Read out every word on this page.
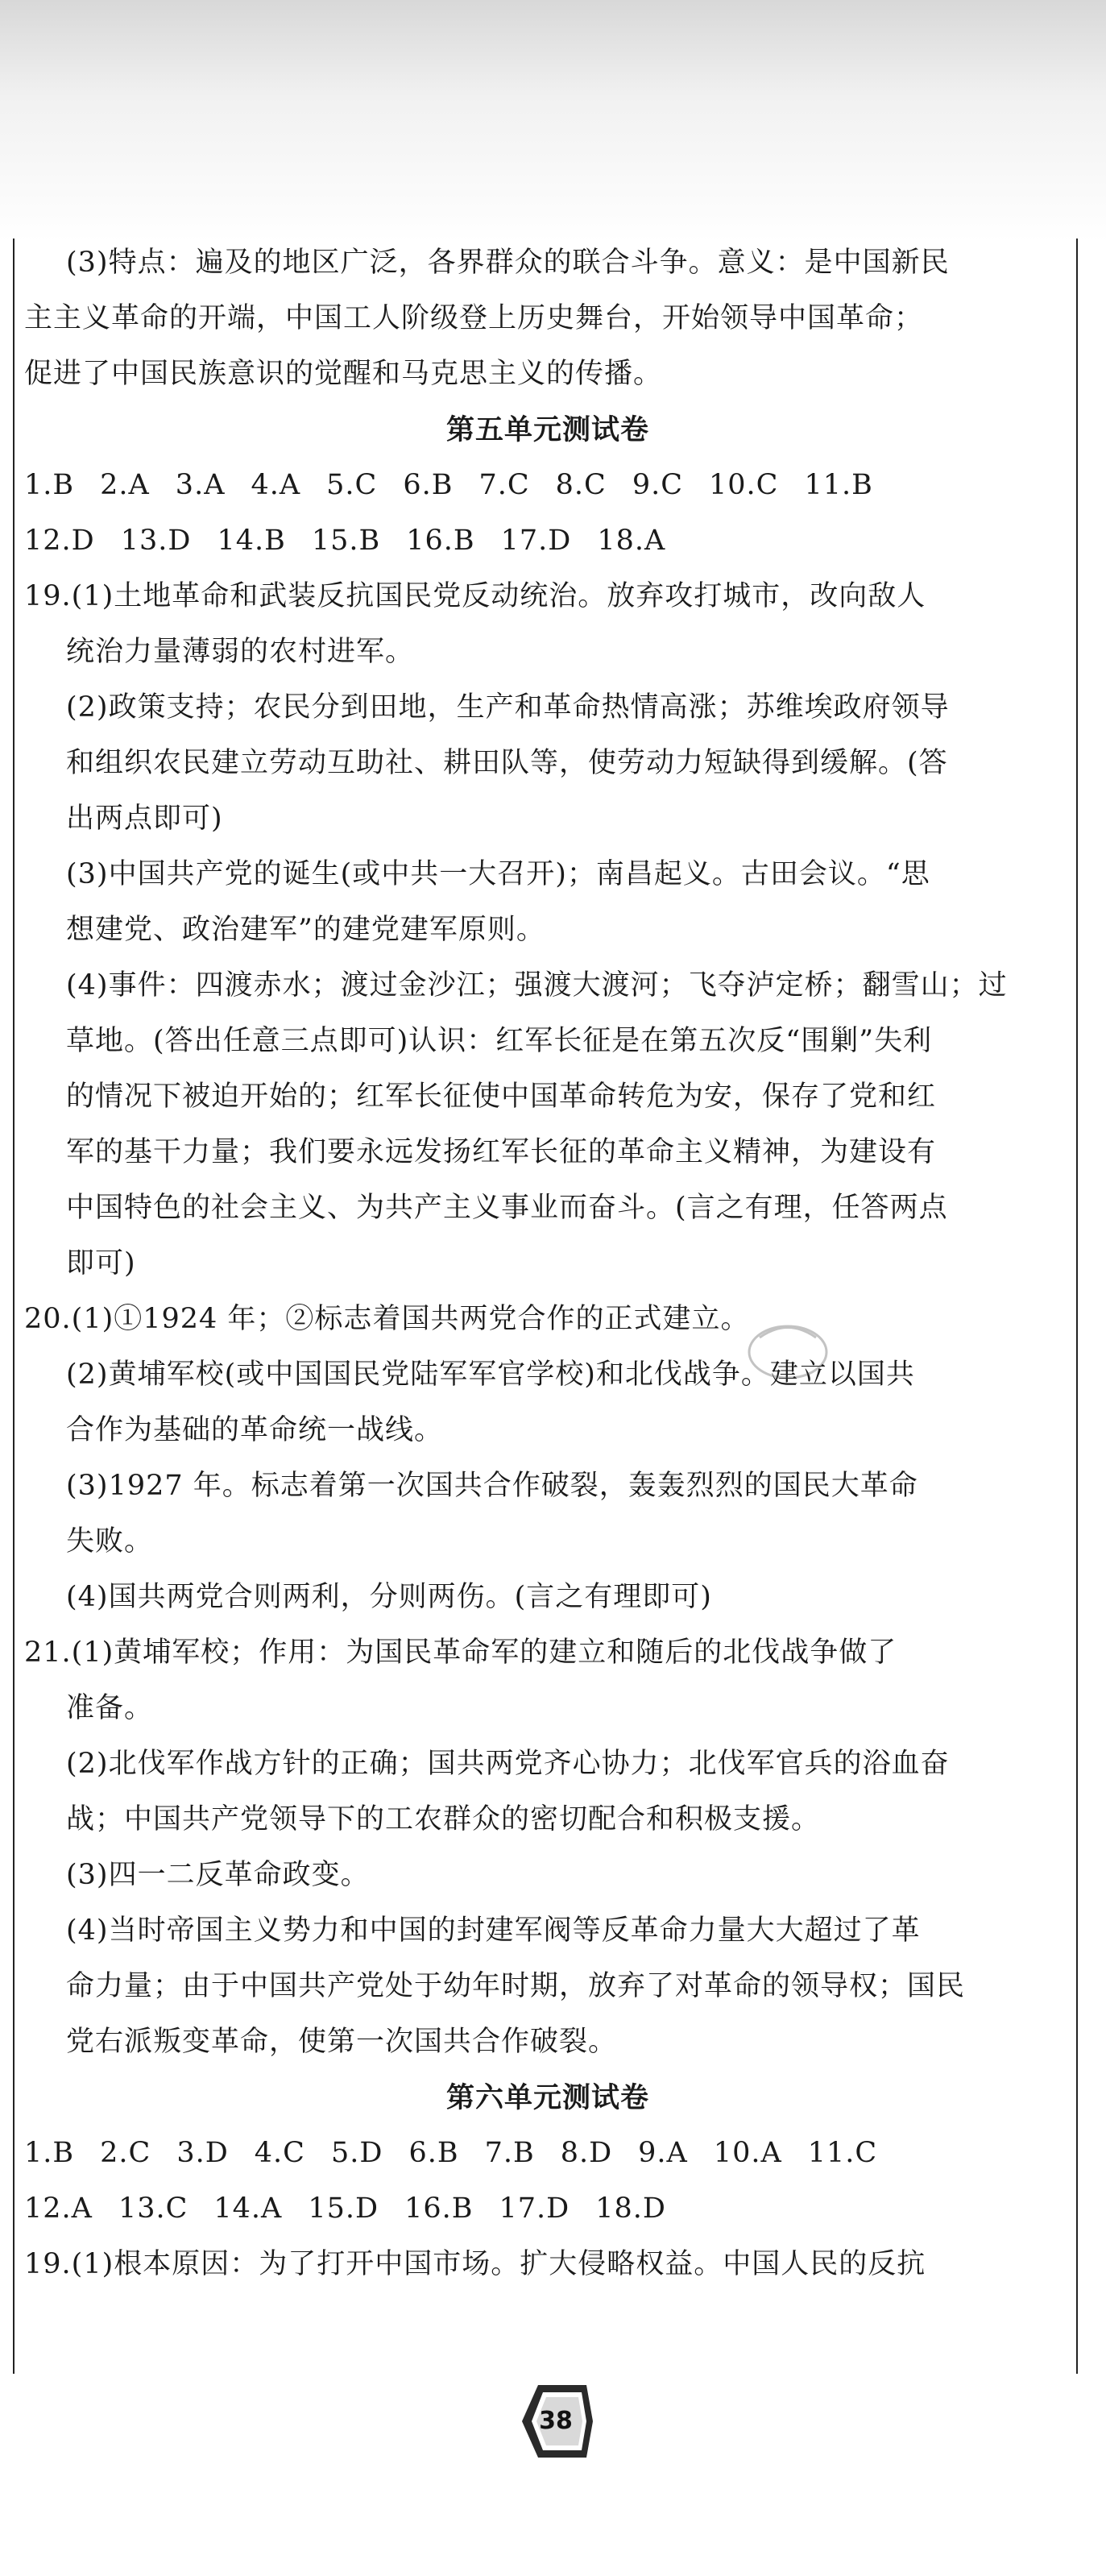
(3)特点：遍及的地区广泛，各界群众的联合斗争。意义：是中国新民
主主义革命的开端，中国工人阶级登上历史舞台，开始领导中国革命；
促进了中国民族意识的觉醒和马克思主义的传播。
第五单元测试卷
1.B 2.A 3.A 4.A 5.C 6.B 7.C 8.C 9.C 10.C 11.B
12.D 13.D 14.B 15.B 16.B 17.D 18.A
19.(1)土地革命和武装反抗国民党反动统治。放弃攻打城市，改向敌人
统治力量薄弱的农村进军。
(2)政策支持；农民分到田地，生产和革命热情高涨；苏维埃政府领导
和组织农民建立劳动互助社、耕田队等，使劳动力短缺得到缓解。(答
出两点即可)
(3)中国共产党的诞生(或中共一大召开)；南昌起义。古田会议。“思
想建党、政治建军”的建党建军原则。
(4)事件：四渡赤水；渡过金沙江；强渡大渡河；飞夺泸定桥；翻雪山；过
草地。(答出任意三点即可)认识：红军长征是在第五次反“围剿”失利
的情况下被迫开始的；红军长征使中国革命转危为安，保存了党和红
军的基干力量；我们要永远发扬红军长征的革命主义精神，为建设有
中国特色的社会主义、为共产主义事业而奋斗。(言之有理，任答两点
即可)
20.(1)①1924 年；②标志着国共两党合作的正式建立。
(2)黄埔军校(或中国国民党陆军军官学校)和北伐战争。建立以国共
合作为基础的革命统一战线。
(3)1927 年。标志着第一次国共合作破裂，轰轰烈烈的国民大革命
失败。
(4)国共两党合则两利，分则两伤。(言之有理即可)
21.(1)黄埔军校；作用：为国民革命军的建立和随后的北伐战争做了
准备。
(2)北伐军作战方针的正确；国共两党齐心协力；北伐军官兵的浴血奋
战；中国共产党领导下的工农群众的密切配合和积极支援。
(3)四一二反革命政变。
(4)当时帝国主义势力和中国的封建军阀等反革命力量大大超过了革
命力量；由于中国共产党处于幼年时期，放弃了对革命的领导权；国民
党右派叛变革命，使第一次国共合作破裂。
第六单元测试卷
1.B 2.C 3.D 4.C 5.D 6.B 7.B 8.D 9.A 10.A 11.C
12.A 13.C 14.A 15.D 16.B 17.D 18.D
19.(1)根本原因：为了打开中国市场。扩大侵略权益。中国人民的反抗
38
